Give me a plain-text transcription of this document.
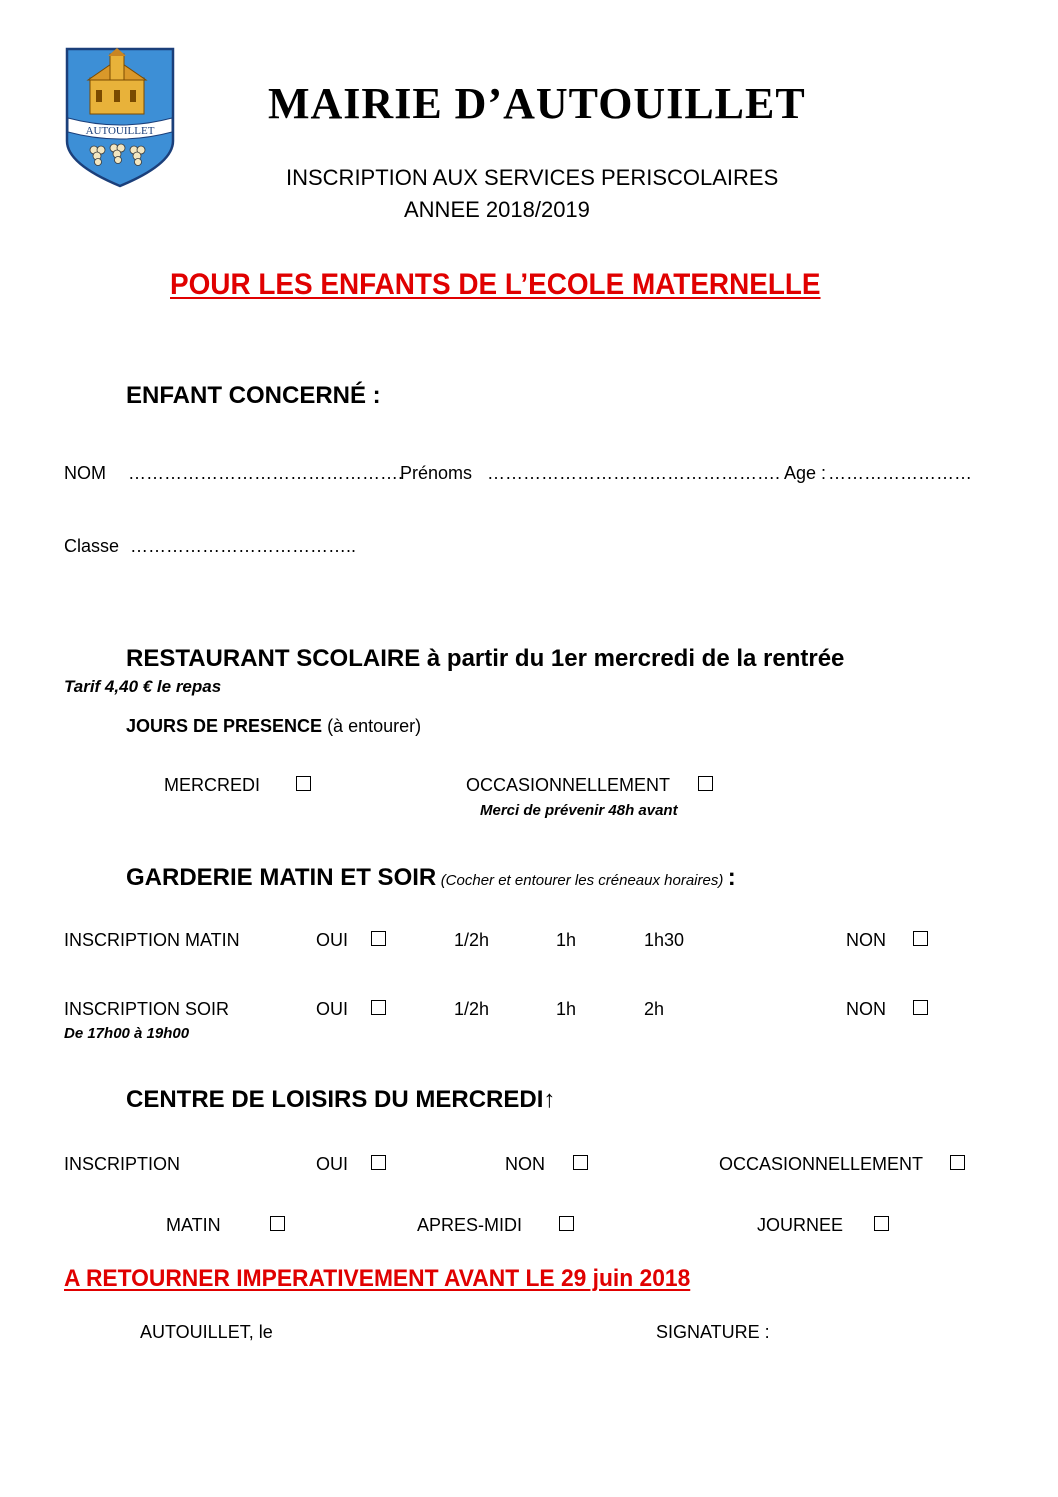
AUTOUILLET
MAIRIE D’AUTOUILLET
INSCRIPTION AUX SERVICES PERISCOLAIRES
ANNEE 2018/2019
POUR LES ENFANTS DE L’ECOLE MATERNELLE
ENFANT CONCERNÉ :
NOM ……………………………………….
Prénoms …………………………………………. Age : ……………………
Classe ………………………………..
RESTAURANT SCOLAIRE à partir du 1er mercredi de la rentrée
Tarif 4,40 € le repas
JOURS DE PRESENCE (à entourer)
MERCREDI	OCCASIONNELLEMENT
Merci de prévenir 48h avant
GARDERIE MATIN ET SOIR (Cocher et entourer les créneaux horaires) :
INSCRIPTION MATIN	OUI	1/2h	1h	1h30	NON
INSCRIPTION SOIR	OUI	1/2h	1h	2h	NON
De 17h00 à 19h00
CENTRE DE LOISIRS DU MERCREDI↑
INSCRIPTION	OUI	NON	OCCASIONNELLEMENT
MATIN	APRES-MIDI	JOURNEE
A RETOURNER IMPERATIVEMENT AVANT LE 29 juin 2018
AUTOUILLET, le	SIGNATURE :
